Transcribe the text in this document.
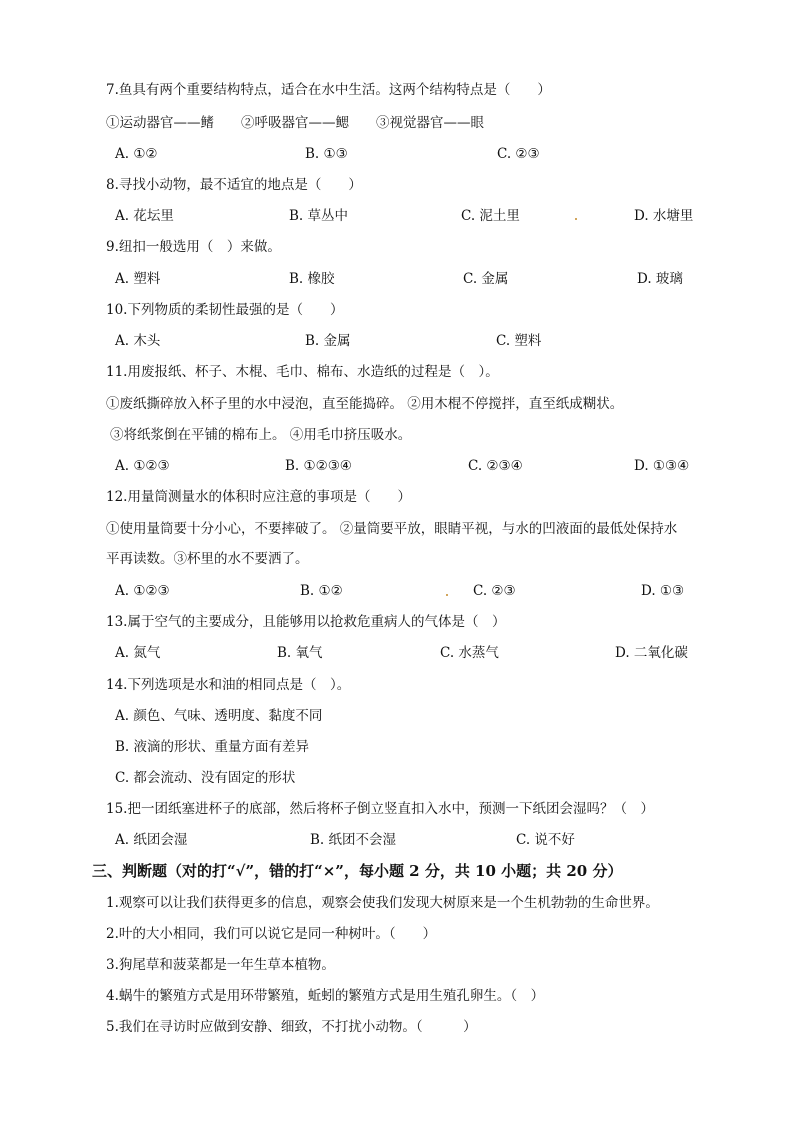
7.鱼具有两个重要结构特点，适合在水中生活。这两个结构特点是（　　）
①运动器官——鳍　　②呼吸器官——鳃　　③视觉器官——眼
A. ①②	B. ①③	C. ②③
8.寻找小动物，最不适宜的地点是（　　）
A. 花坛里	B. 草丛中	C. 泥土里	D. 水塘里
9.纽扣一般选用（　）来做。
A. 塑料	B. 橡胶	C. 金属	D. 玻璃
10.下列物质的柔韧性最强的是（　　）
A. 木头	B. 金属	C. 塑料
11.用废报纸、杯子、木棍、毛巾、棉布、水造纸的过程是（　）。
①废纸撕碎放入杯子里的水中浸泡，直至能捣碎。 ②用木棍不停搅拌，直至纸成糊状。
③将纸浆倒在平铺的棉布上。 ④用毛巾挤压吸水。
A. ①②③	B. ①②③④	C. ②③④	D. ①③④
12.用量筒测量水的体积时应注意的事项是（　　）
①使用量筒要十分小心，不要摔破了。 ②量筒要平放，眼睛平视，与水的凹液面的最低处保持水
平再读数。③杯里的水不要洒了。
A. ①②③	B. ①②	C. ②③	D. ①③
13.属于空气的主要成分，且能够用以抢救危重病人的气体是（　）
A. 氮气	B. 氧气	C. 水蒸气	D. 二氧化碳
14.下列选项是水和油的相同点是（　）。
A. 颜色、气味、透明度、黏度不同
B. 液滴的形状、重量方面有差异
C. 都会流动、没有固定的形状
15.把一团纸塞进杯子的底部，然后将杯子倒立竖直扣入水中，预测一下纸团会湿吗？（　）
A. 纸团会湿	B. 纸团不会湿	C. 说不好
三、判断题（对的打“√”，错的打“×”，每小题 2 分，共 10 小题；共 20 分）
1.观察可以让我们获得更多的信息，观察会使我们发现大树原来是一个生机勃勃的生命世界。
2.叶的大小相同，我们可以说它是同一种树叶。（　　）
3.狗尾草和菠菜都是一年生草本植物。
4.蜗牛的繁殖方式是用环带繁殖，蚯蚓的繁殖方式是用生殖孔卵生。（　）
5.我们在寻访时应做到安静、细致，不打扰小动物。（　　　）
